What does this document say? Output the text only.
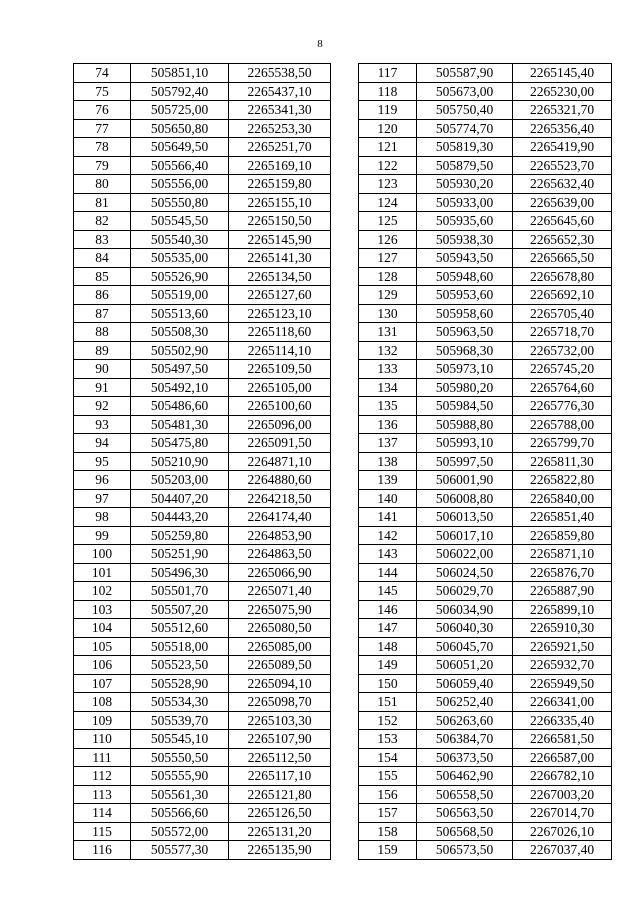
8
74	505851,10	2265538,50
75	505792,40	2265437,10
76	505725,00	2265341,30
77	505650,80	2265253,30
78	505649,50	2265251,70
79	505566,40	2265169,10
80	505556,00	2265159,80
81	505550,80	2265155,10
82	505545,50	2265150,50
83	505540,30	2265145,90
84	505535,00	2265141,30
85	505526,90	2265134,50
86	505519,00	2265127,60
87	505513,60	2265123,10
88	505508,30	2265118,60
89	505502,90	2265114,10
90	505497,50	2265109,50
91	505492,10	2265105,00
92	505486,60	2265100,60
93	505481,30	2265096,00
94	505475,80	2265091,50
95	505210,90	2264871,10
96	505203,00	2264880,60
97	504407,20	2264218,50
98	504443,20	2264174,40
99	505259,80	2264853,90
100	505251,90	2264863,50
101	505496,30	2265066,90
102	505501,70	2265071,40
103	505507,20	2265075,90
104	505512,60	2265080,50
105	505518,00	2265085,00
106	505523,50	2265089,50
107	505528,90	2265094,10
108	505534,30	2265098,70
109	505539,70	2265103,30
110	505545,10	2265107,90
111	505550,50	2265112,50
112	505555,90	2265117,10
113	505561,30	2265121,80
114	505566,60	2265126,50
115	505572,00	2265131,20
116	505577,30	2265135,90
117	505587,90	2265145,40
118	505673,00	2265230,00
119	505750,40	2265321,70
120	505774,70	2265356,40
121	505819,30	2265419,90
122	505879,50	2265523,70
123	505930,20	2265632,40
124	505933,00	2265639,00
125	505935,60	2265645,60
126	505938,30	2265652,30
127	505943,50	2265665,50
128	505948,60	2265678,80
129	505953,60	2265692,10
130	505958,60	2265705,40
131	505963,50	2265718,70
132	505968,30	2265732,00
133	505973,10	2265745,20
134	505980,20	2265764,60
135	505984,50	2265776,30
136	505988,80	2265788,00
137	505993,10	2265799,70
138	505997,50	2265811,30
139	506001,90	2265822,80
140	506008,80	2265840,00
141	506013,50	2265851,40
142	506017,10	2265859,80
143	506022,00	2265871,10
144	506024,50	2265876,70
145	506029,70	2265887,90
146	506034,90	2265899,10
147	506040,30	2265910,30
148	506045,70	2265921,50
149	506051,20	2265932,70
150	506059,40	2265949,50
151	506252,40	2266341,00
152	506263,60	2266335,40
153	506384,70	2266581,50
154	506373,50	2266587,00
155	506462,90	2266782,10
156	506558,50	2267003,20
157	506563,50	2267014,70
158	506568,50	2267026,10
159	506573,50	2267037,40
